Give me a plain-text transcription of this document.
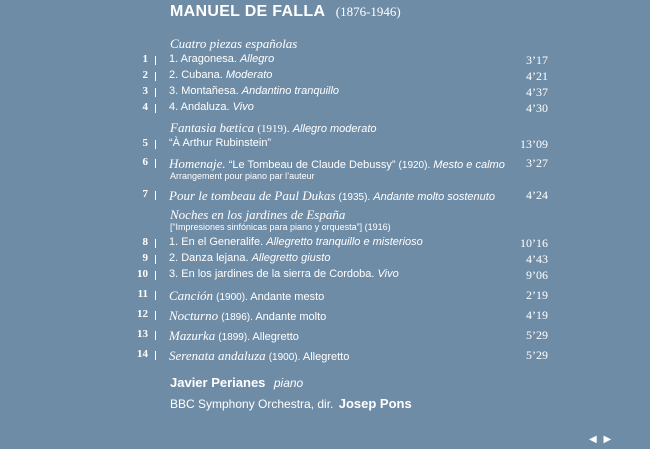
MANUEL DE FALLA (1876-1946)
Cuatro piezas españolas
1 1. Aragonesa. Allegro	3’17
2 2. Cubana. Moderato	4’21
3 3. Montañesa. Andantino tranquillo	4’37
4 4. Andaluza. Vivo	4’30
Fantasia bætica (1919). Allegro moderato
5 “À Arthur Rubinstein”	13’09
6 Homenaje. “Le Tombeau de Claude Debussy” (1920). Mesto e calmo 3’27
Arrangement pour piano par l’auteur
7 Pour le tombeau de Paul Dukas (1935). Andante molto sostenuto	4’24
Noches en los jardines de España
[“Impresiones sinfónicas para piano y orquesta”] (1916)
8 1. En el Generalife. Allegretto tranquillo e misterioso	10’16
9 2. Danza lejana. Allegretto giusto	4’43
10 3. En los jardines de la sierra de Cordoba. Vivo	9’06
11 Canción (1900). Andante mesto	2’19
12 Nocturno (1896). Andante molto	4’19
13 Mazurka (1899). Allegretto	5’29
14 Serenata andaluza (1900). Allegretto	5’29
Javier Perianes piano
BBC Symphony Orchestra, dir. Josep Pons
◀ ▶
